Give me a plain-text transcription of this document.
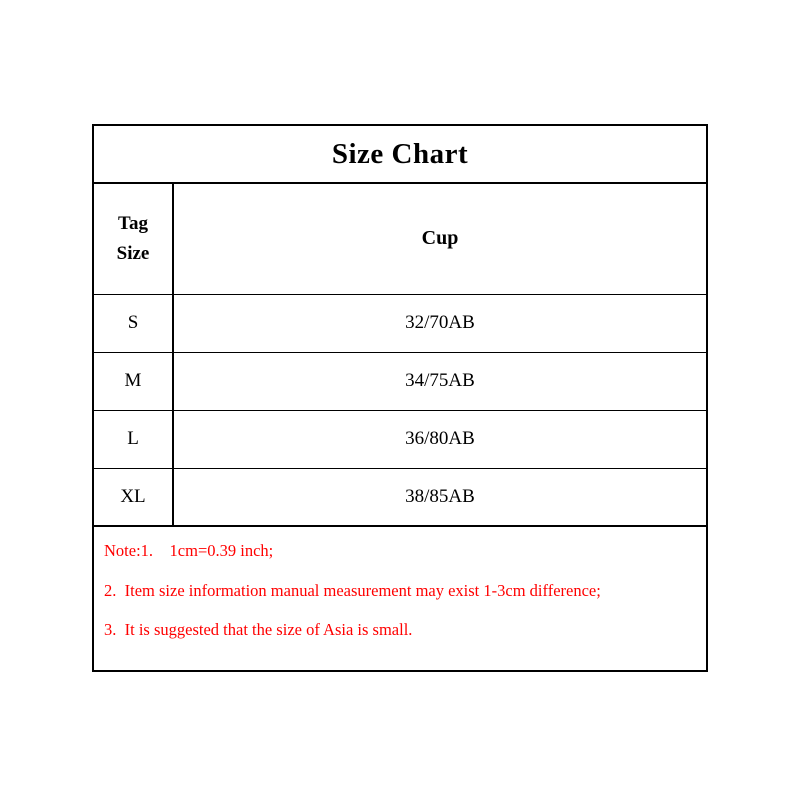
Size Chart
Tag
Size	Cup
S	32/70AB
M	34/75AB
L	36/80AB
XL	38/85AB

Note:1.    1cm=0.39 inch;

2.  Item size information manual measurement may exist 1-3cm difference;

3.  It is suggested that the size of Asia is small.
